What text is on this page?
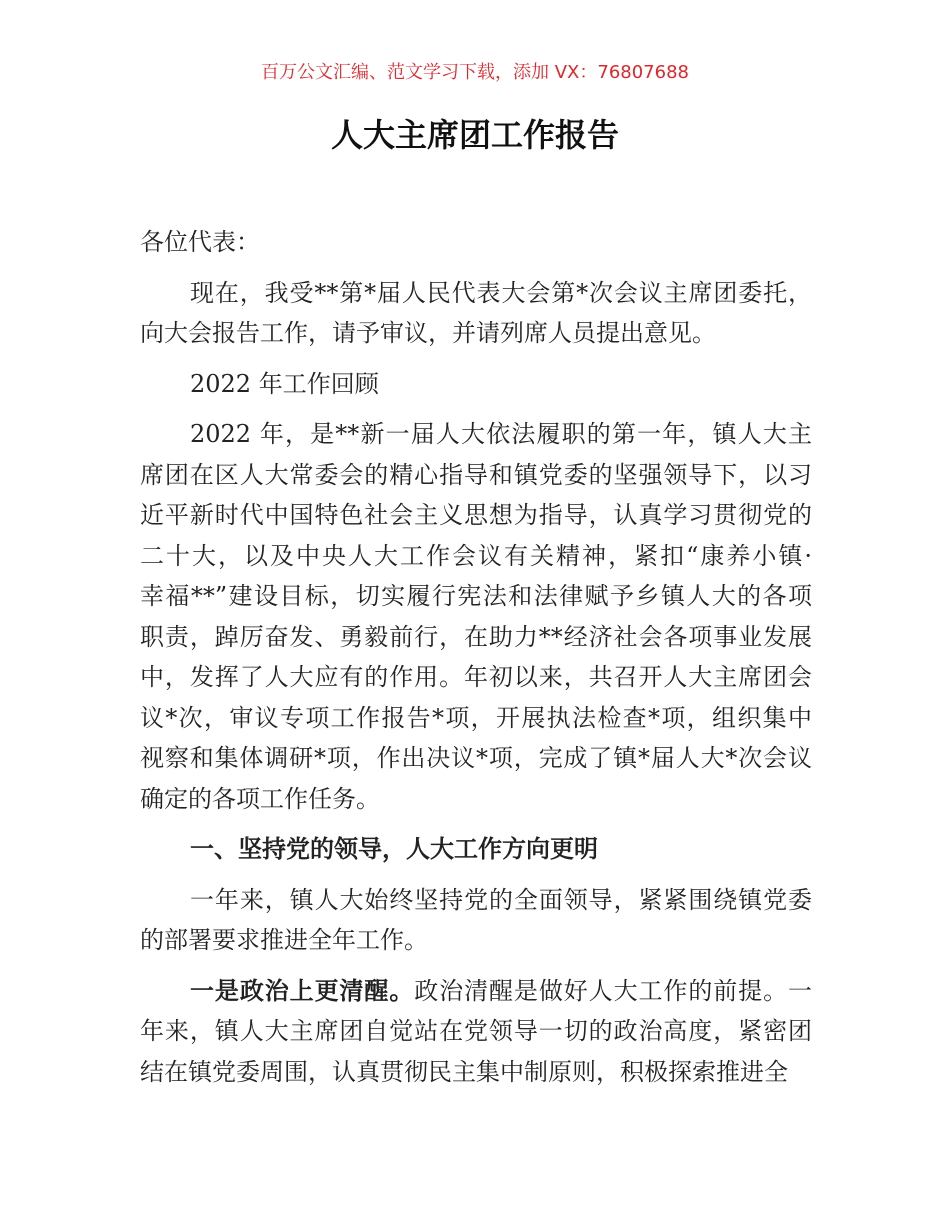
百万公文汇编、范文学习下载，添加 VX：76807688
人大主席团工作报告
各位代表：
现在，我受**第*届人民代表大会第*次会议主席团委托，
向大会报告工作，请予审议，并请列席人员提出意见。
2022 年工作回顾
2022 年，是**新一届人大依法履职的第一年，镇人大主
席团在区人大常委会的精心指导和镇党委的坚强领导下，以习
近平新时代中国特色社会主义思想为指导，认真学习贯彻党的
二十大，以及中央人大工作会议有关精神，紧扣“康养小镇·
幸福**”建设目标，切实履行宪法和法律赋予乡镇人大的各项
职责，踔厉奋发、勇毅前行，在助力**经济社会各项事业发展
中，发挥了人大应有的作用。年初以来，共召开人大主席团会
议*次，审议专项工作报告*项，开展执法检查*项，组织集中
视察和集体调研*项，作出决议*项，完成了镇*届人大*次会议
确定的各项工作任务。
一、坚持党的领导，人大工作方向更明
一年来，镇人大始终坚持党的全面领导，紧紧围绕镇党委
的部署要求推进全年工作。
一是政治上更清醒。政治清醒是做好人大工作的前提。一
年来，镇人大主席团自觉站在党领导一切的政治高度，紧密团
结在镇党委周围，认真贯彻民主集中制原则，积极探索推进全
